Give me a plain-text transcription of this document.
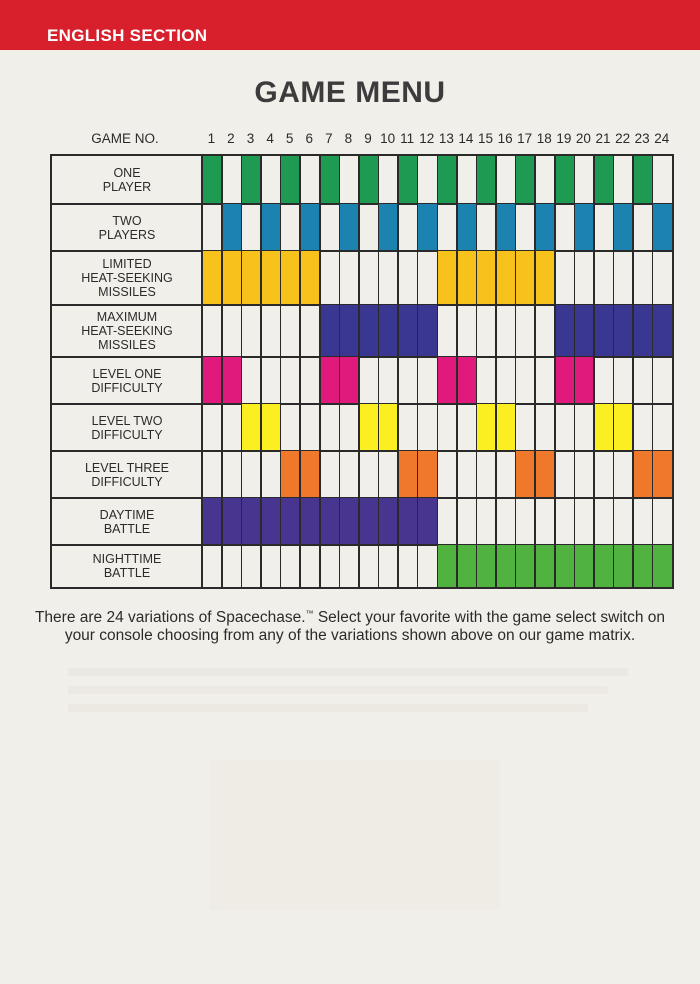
ENGLISH SECTION
GAME MENU
GAME NO.	1 2 3 4 5 6 7 8 9 10 11 12 13 14 15 16 17 18 19 20 21 22 23 24
ONE
PLAYER
TWO
PLAYERS
LIMITED
HEAT-SEEKING
MISSILES
MAXIMUM
HEAT-SEEKING
MISSILES
LEVEL ONE
DIFFICULTY
LEVEL TWO
DIFFICULTY
LEVEL THREE
DIFFICULTY
DAYTIME
BATTLE
NIGHTTIME
BATTLE
There are 24 variations of Spacechase.™ Select your favorite with the game select switch on your console choosing from any of the variations shown above on our game matrix.
